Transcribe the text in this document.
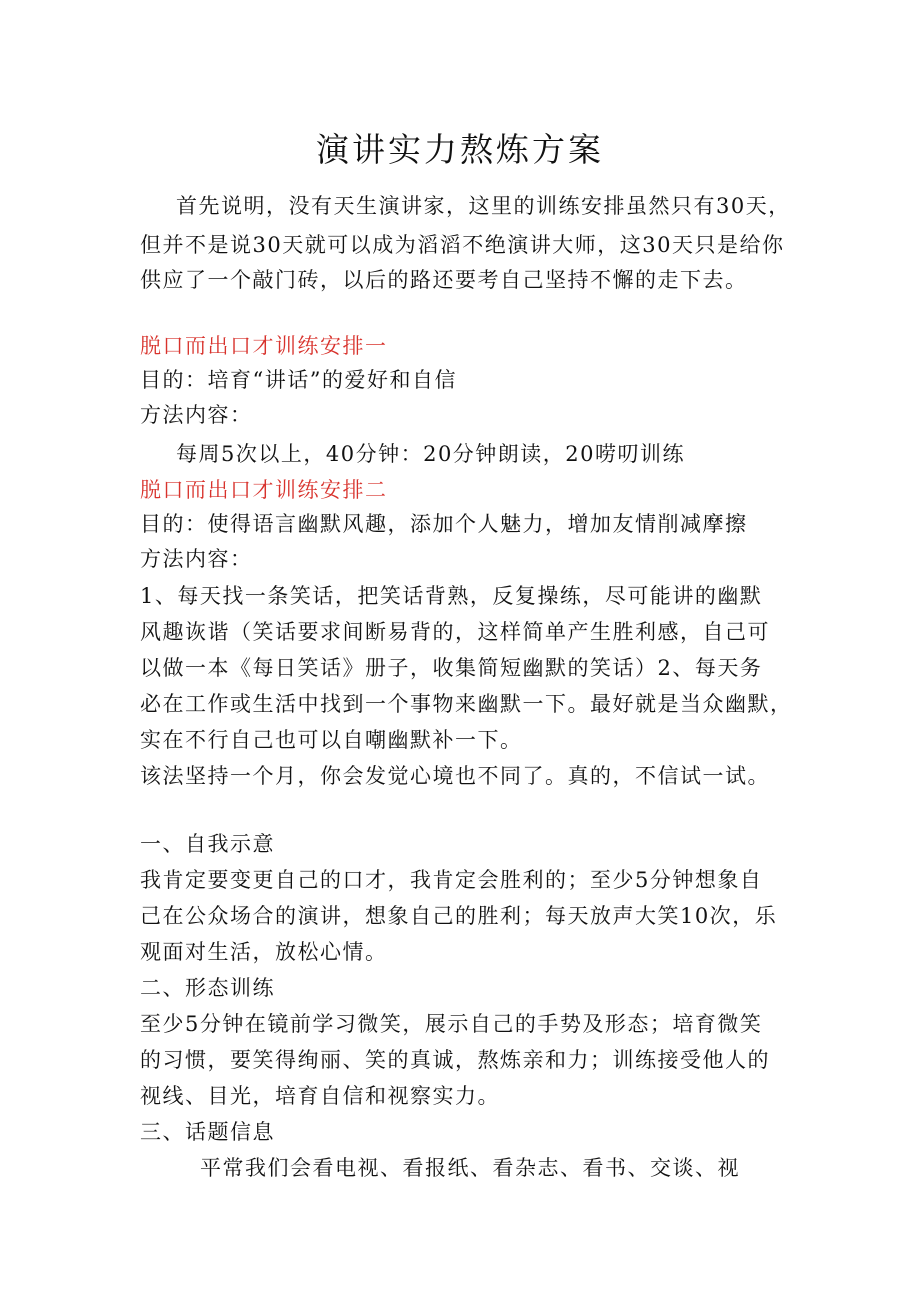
演讲实力熬炼方案

首先说明，没有天生演讲家，这里的训练安排虽然只有30天，

但并不是说30天就可以成为滔滔不绝演讲大师，这30天只是给你

供应了一个敲门砖，以后的路还要考自己坚持不懈的走下去。

脱口而出口才训练安排一

目的：培育“讲话”的爱好和自信

方法内容：

每周5次以上，40分钟：20分钟朗读，20唠叨训练

脱口而出口才训练安排二

目的：使得语言幽默风趣，添加个人魅力，增加友情削减摩擦

方法内容：

1、每天找一条笑话，把笑话背熟，反复操练，尽可能讲的幽默

风趣诙谐（笑话要求间断易背的，这样简单产生胜利感，自己可

以做一本《每日笑话》册子，收集简短幽默的笑话）2、每天务

必在工作或生活中找到一个事物来幽默一下。最好就是当众幽默，

实在不行自己也可以自嘲幽默补一下。

该法坚持一个月，你会发觉心境也不同了。真的，不信试一试。

一、自我示意

我肯定要变更自己的口才，我肯定会胜利的；至少5分钟想象自

己在公众场合的演讲，想象自己的胜利；每天放声大笑10次，乐

观面对生活，放松心情。

二、形态训练

至少5分钟在镜前学习微笑，展示自己的手势及形态；培育微笑

的习惯，要笑得绚丽、笑的真诚，熬炼亲和力；训练接受他人的

视线、目光，培育自信和视察实力。

三、话题信息

平常我们会看电视、看报纸、看杂志、看书、交谈、视
